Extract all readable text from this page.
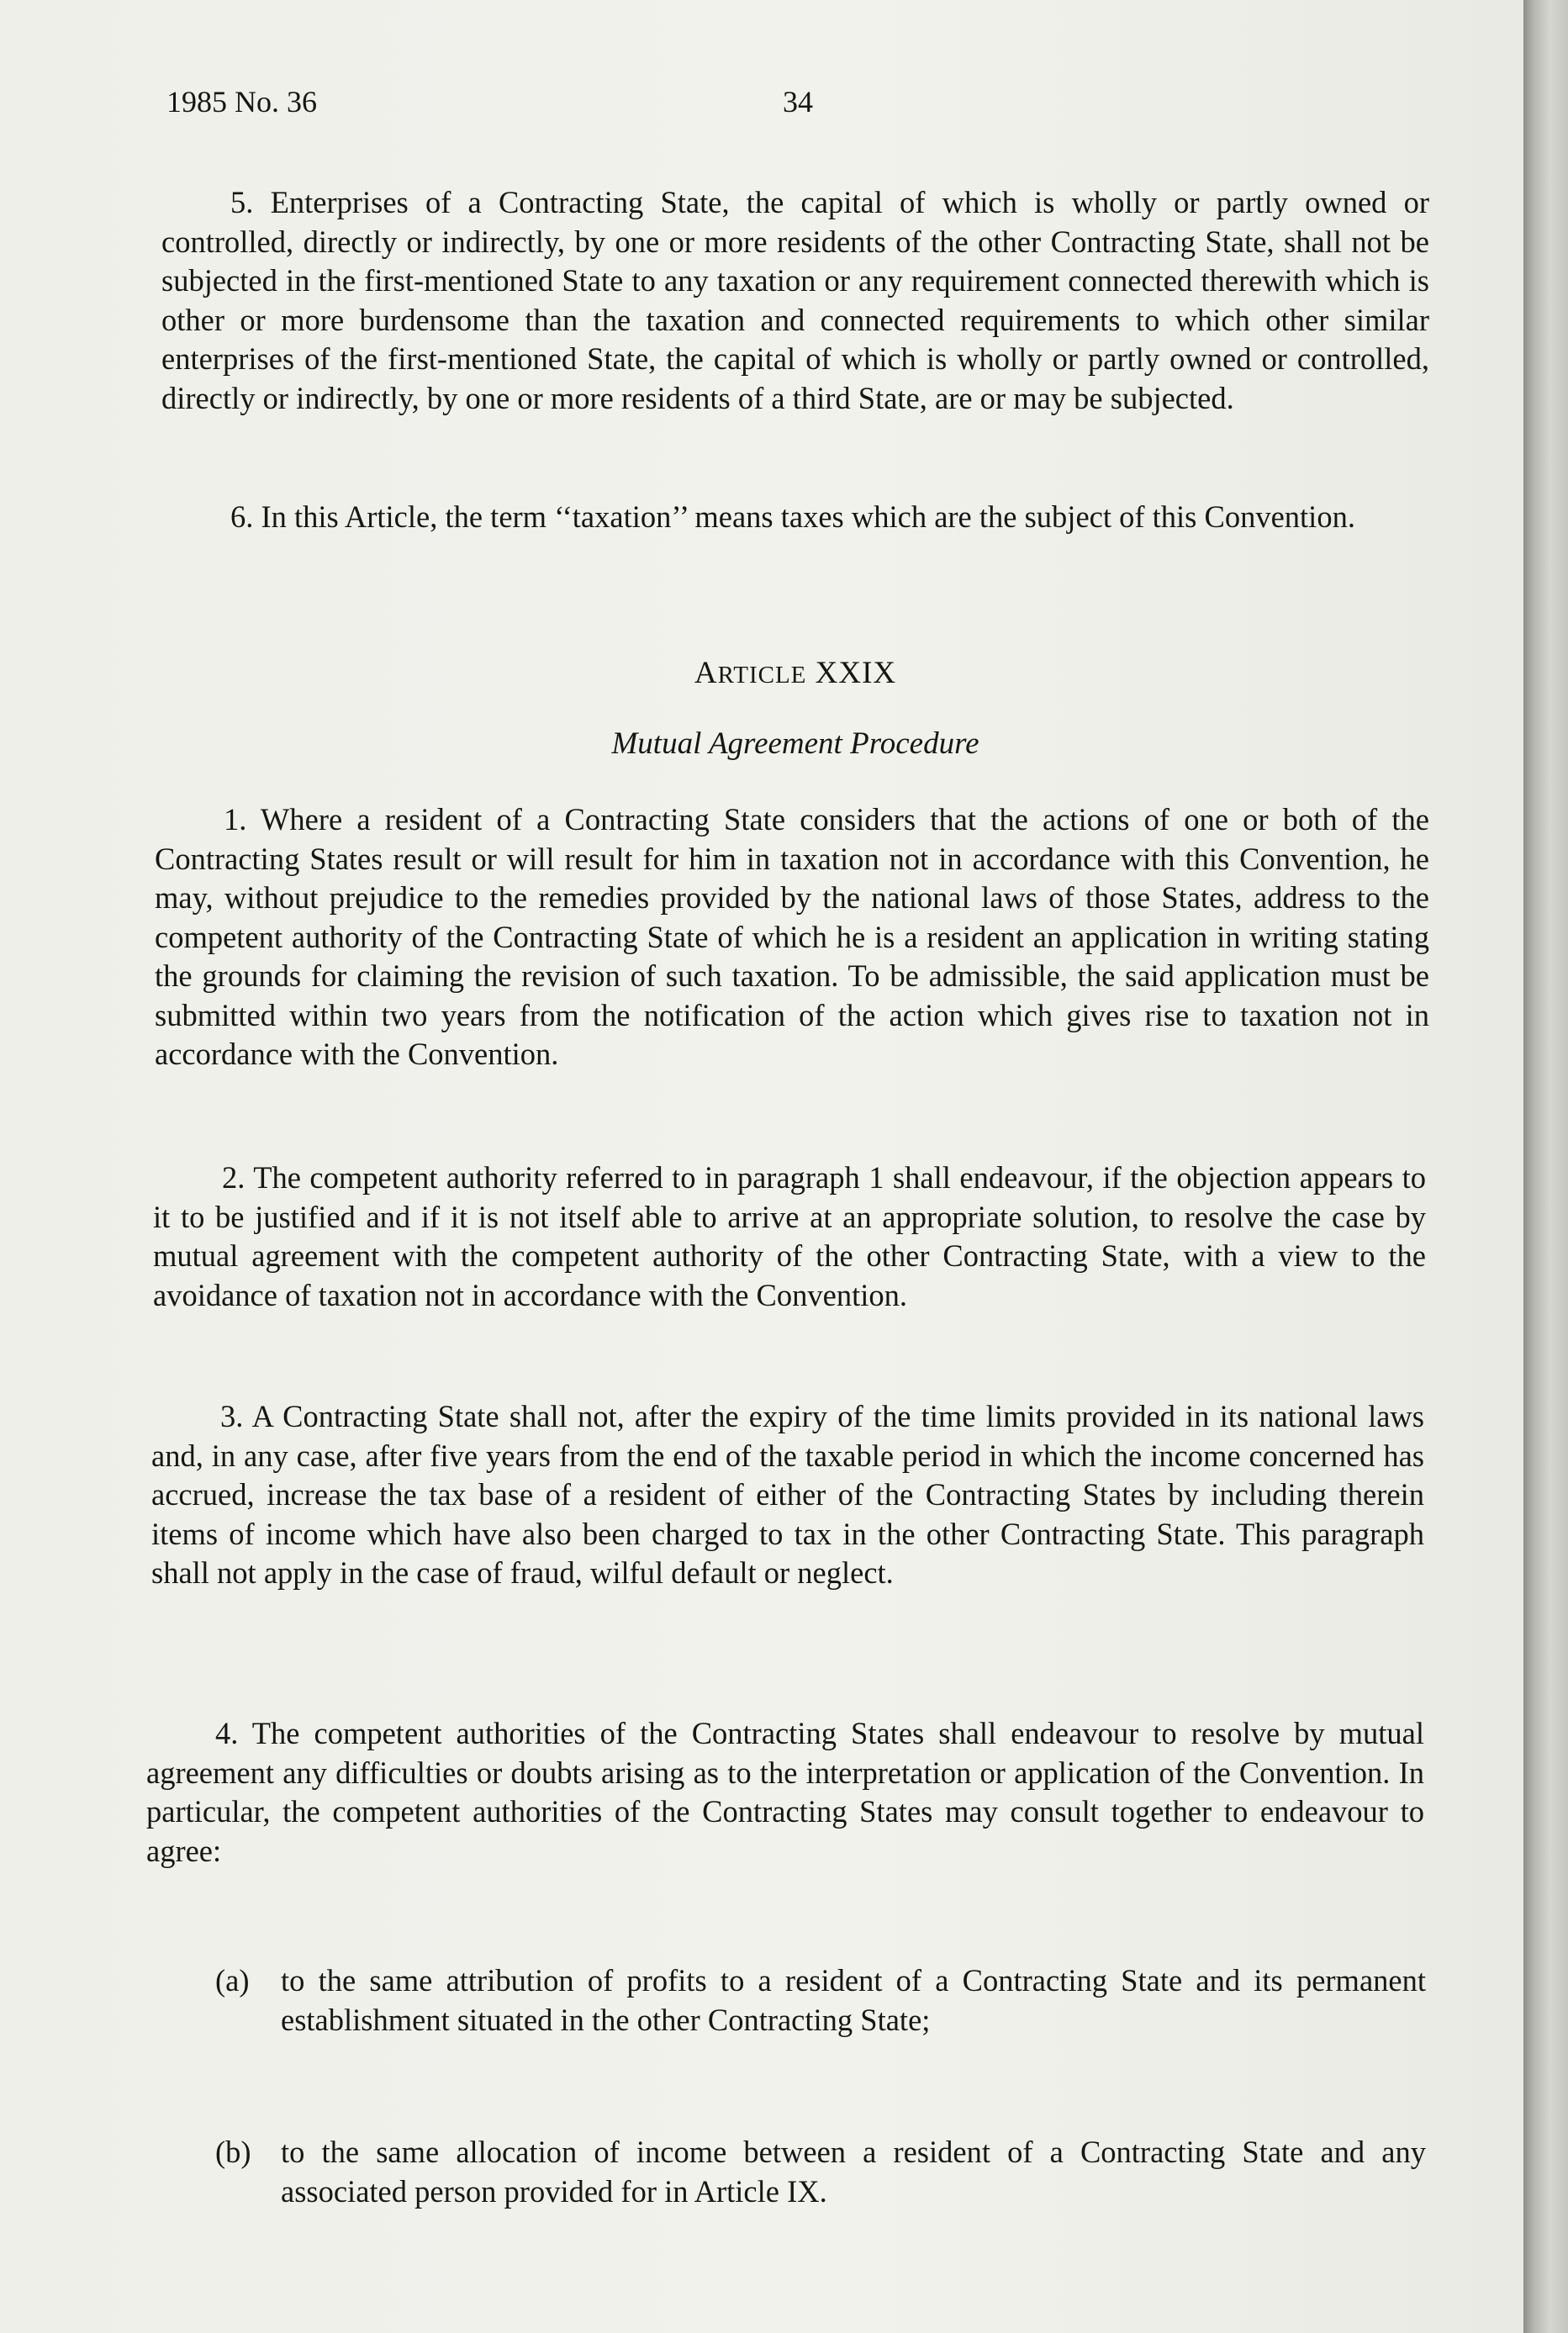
1985 No. 36	34

5. Enterprises of a Contracting State, the capital of which is wholly or partly owned or controlled, directly or indirectly, by one or more residents of the other Contracting State, shall not be subjected in the first-mentioned State to any taxation or any requirement connected therewith which is other or more burdensome than the taxation and connected requirements to which other similar enterprises of the first-mentioned State, the capital of which is wholly or partly owned or controlled, directly or indirectly, by one or more residents of a third State, are or may be subjected.

6. In this Article, the term ‘‘taxation’’ means taxes which are the subject of this Convention.

ARTICLE XXIX
Mutual Agreement Procedure

1. Where a resident of a Contracting State considers that the actions of one or both of the Contracting States result or will result for him in taxation not in accordance with this Convention, he may, without prejudice to the remedies provided by the national laws of those States, address to the competent authority of the Contracting State of which he is a resident an application in writing stating the grounds for claiming the revision of such taxation. To be admissible, the said application must be submitted within two years from the notification of the action which gives rise to taxation not in accordance with the Convention.

2. The competent authority referred to in paragraph 1 shall endeavour, if the objection appears to it to be justified and if it is not itself able to arrive at an appropriate solution, to resolve the case by mutual agreement with the competent authority of the other Contracting State, with a view to the avoidance of taxation not in accordance with the Convention.

3. A Contracting State shall not, after the expiry of the time limits provided in its national laws and, in any case, after five years from the end of the taxable period in which the income concerned has accrued, increase the tax base of a resident of either of the Contracting States by including therein items of income which have also been charged to tax in the other Contracting State. This paragraph shall not apply in the case of fraud, wilful default or neglect.

4. The competent authorities of the Contracting States shall endeavour to resolve by mutual agreement any difficulties or doubts arising as to the interpretation or application of the Convention. In particular, the competent authorities of the Contracting States may consult together to endeavour to agree:

(a) to the same attribution of profits to a resident of a Contracting State and its permanent establishment situated in the other Contracting State;
(b) to the same allocation of income between a resident of a Contracting State and any associated person provided for in Article IX.
